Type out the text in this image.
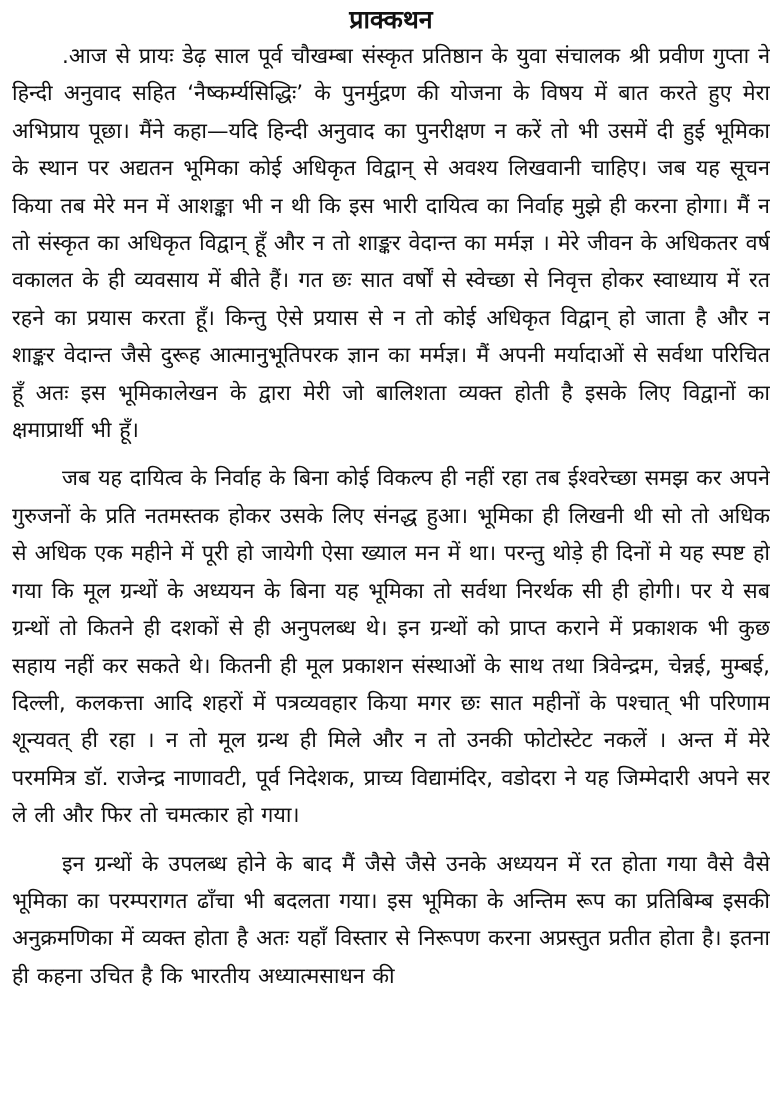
प्राक्कथन

.आज से प्रायः डेढ़ साल पूर्व चौखम्बा संस्कृत प्रतिष्ठान के युवा संचालक श्री प्रवीण गुप्ता ने हिन्दी अनुवाद सहित ‘नैष्कर्म्यसिद्धिः’ के पुनर्मुद्रण की योजना के विषय में बात करते हुए मेरा अभिप्राय पूछा। मैंने कहा—यदि हिन्दी अनुवाद का पुनरीक्षण न करें तो भी उसमें दी हुई भूमिका के स्थान पर अद्यतन भूमिका कोई अधिकृत विद्वान् से अवश्य लिखवानी चाहिए। जब यह सूचन किया तब मेरे मन में आशङ्का भी न थी कि इस भारी दायित्व का निर्वाह मुझे ही करना होगा। मैं न तो संस्कृत का अधिकृत विद्वान् हूँ और न तो शाङ्कर वेदान्त का मर्मज्ञ । मेरे जीवन के अधिकतर वर्ष वकालत के ही व्यवसाय में बीते हैं। गत छः सात वर्षों से स्वेच्छा से निवृत्त होकर स्वाध्याय में रत रहने का प्रयास करता हूँ। किन्तु ऐसे प्रयास से न तो कोई अधिकृत विद्वान् हो जाता है और न शाङ्कर वेदान्त जैसे दुरूह आत्मानुभूतिपरक ज्ञान का मर्मज्ञ। मैं अपनी मर्यादाओं से सर्वथा परिचित हूँ अतः इस भूमिकालेखन के द्वारा मेरी जो बालिशता व्यक्त होती है इसके लिए विद्वानों का क्षमाप्रार्थी भी हूँ।

जब यह दायित्व के निर्वाह के बिना कोई विकल्प ही नहीं रहा तब ईश्वरेच्छा समझ कर अपने गुरुजनों के प्रति नतमस्तक होकर उसके लिए संनद्ध हुआ। भूमिका ही लिखनी थी सो तो अधिक से अधिक एक महीने में पूरी हो जायेगी ऐसा ख्याल मन में था। परन्तु थोड़े ही दिनों मे यह स्पष्ट हो गया कि मूल ग्रन्थों के अध्ययन के बिना यह भूमिका तो सर्वथा निरर्थक सी ही होगी। पर ये सब ग्रन्थों तो कितने ही दशकों से ही अनुपलब्ध थे। इन ग्रन्थों को प्राप्त कराने में प्रकाशक भी कुछ सहाय नहीं कर सकते थे। कितनी ही मूल प्रकाशन संस्थाओं के साथ तथा त्रिवेन्द्रम, चेन्नई, मुम्बई, दिल्ली, कलकत्ता आदि शहरों में पत्रव्यवहार किया मगर छः सात महीनों के पश्चात् भी परिणाम शून्यवत् ही रहा । न तो मूल ग्रन्थ ही मिले और न तो उनकी फोटोस्टेट नकलें । अन्त में मेरे परममित्र डॉ. राजेन्द्र नाणावटी, पूर्व निदेशक, प्राच्य विद्यामंदिर, वडोदरा ने यह जिम्मेदारी अपने सर ले ली और फिर तो चमत्कार हो गया।

इन ग्रन्थों के उपलब्ध होने के बाद मैं जैसे जैसे उनके अध्ययन में रत होता गया वैसे वैसे भूमिका का परम्परागत ढाँचा भी बदलता गया। इस भूमिका के अन्तिम रूप का प्रतिबिम्ब इसकी अनुक्रमणिका में व्यक्त होता है अतः यहाँ विस्तार से निरूपण करना अप्रस्तुत प्रतीत होता है। इतना ही कहना उचित है कि भारतीय अध्यात्मसाधन की
